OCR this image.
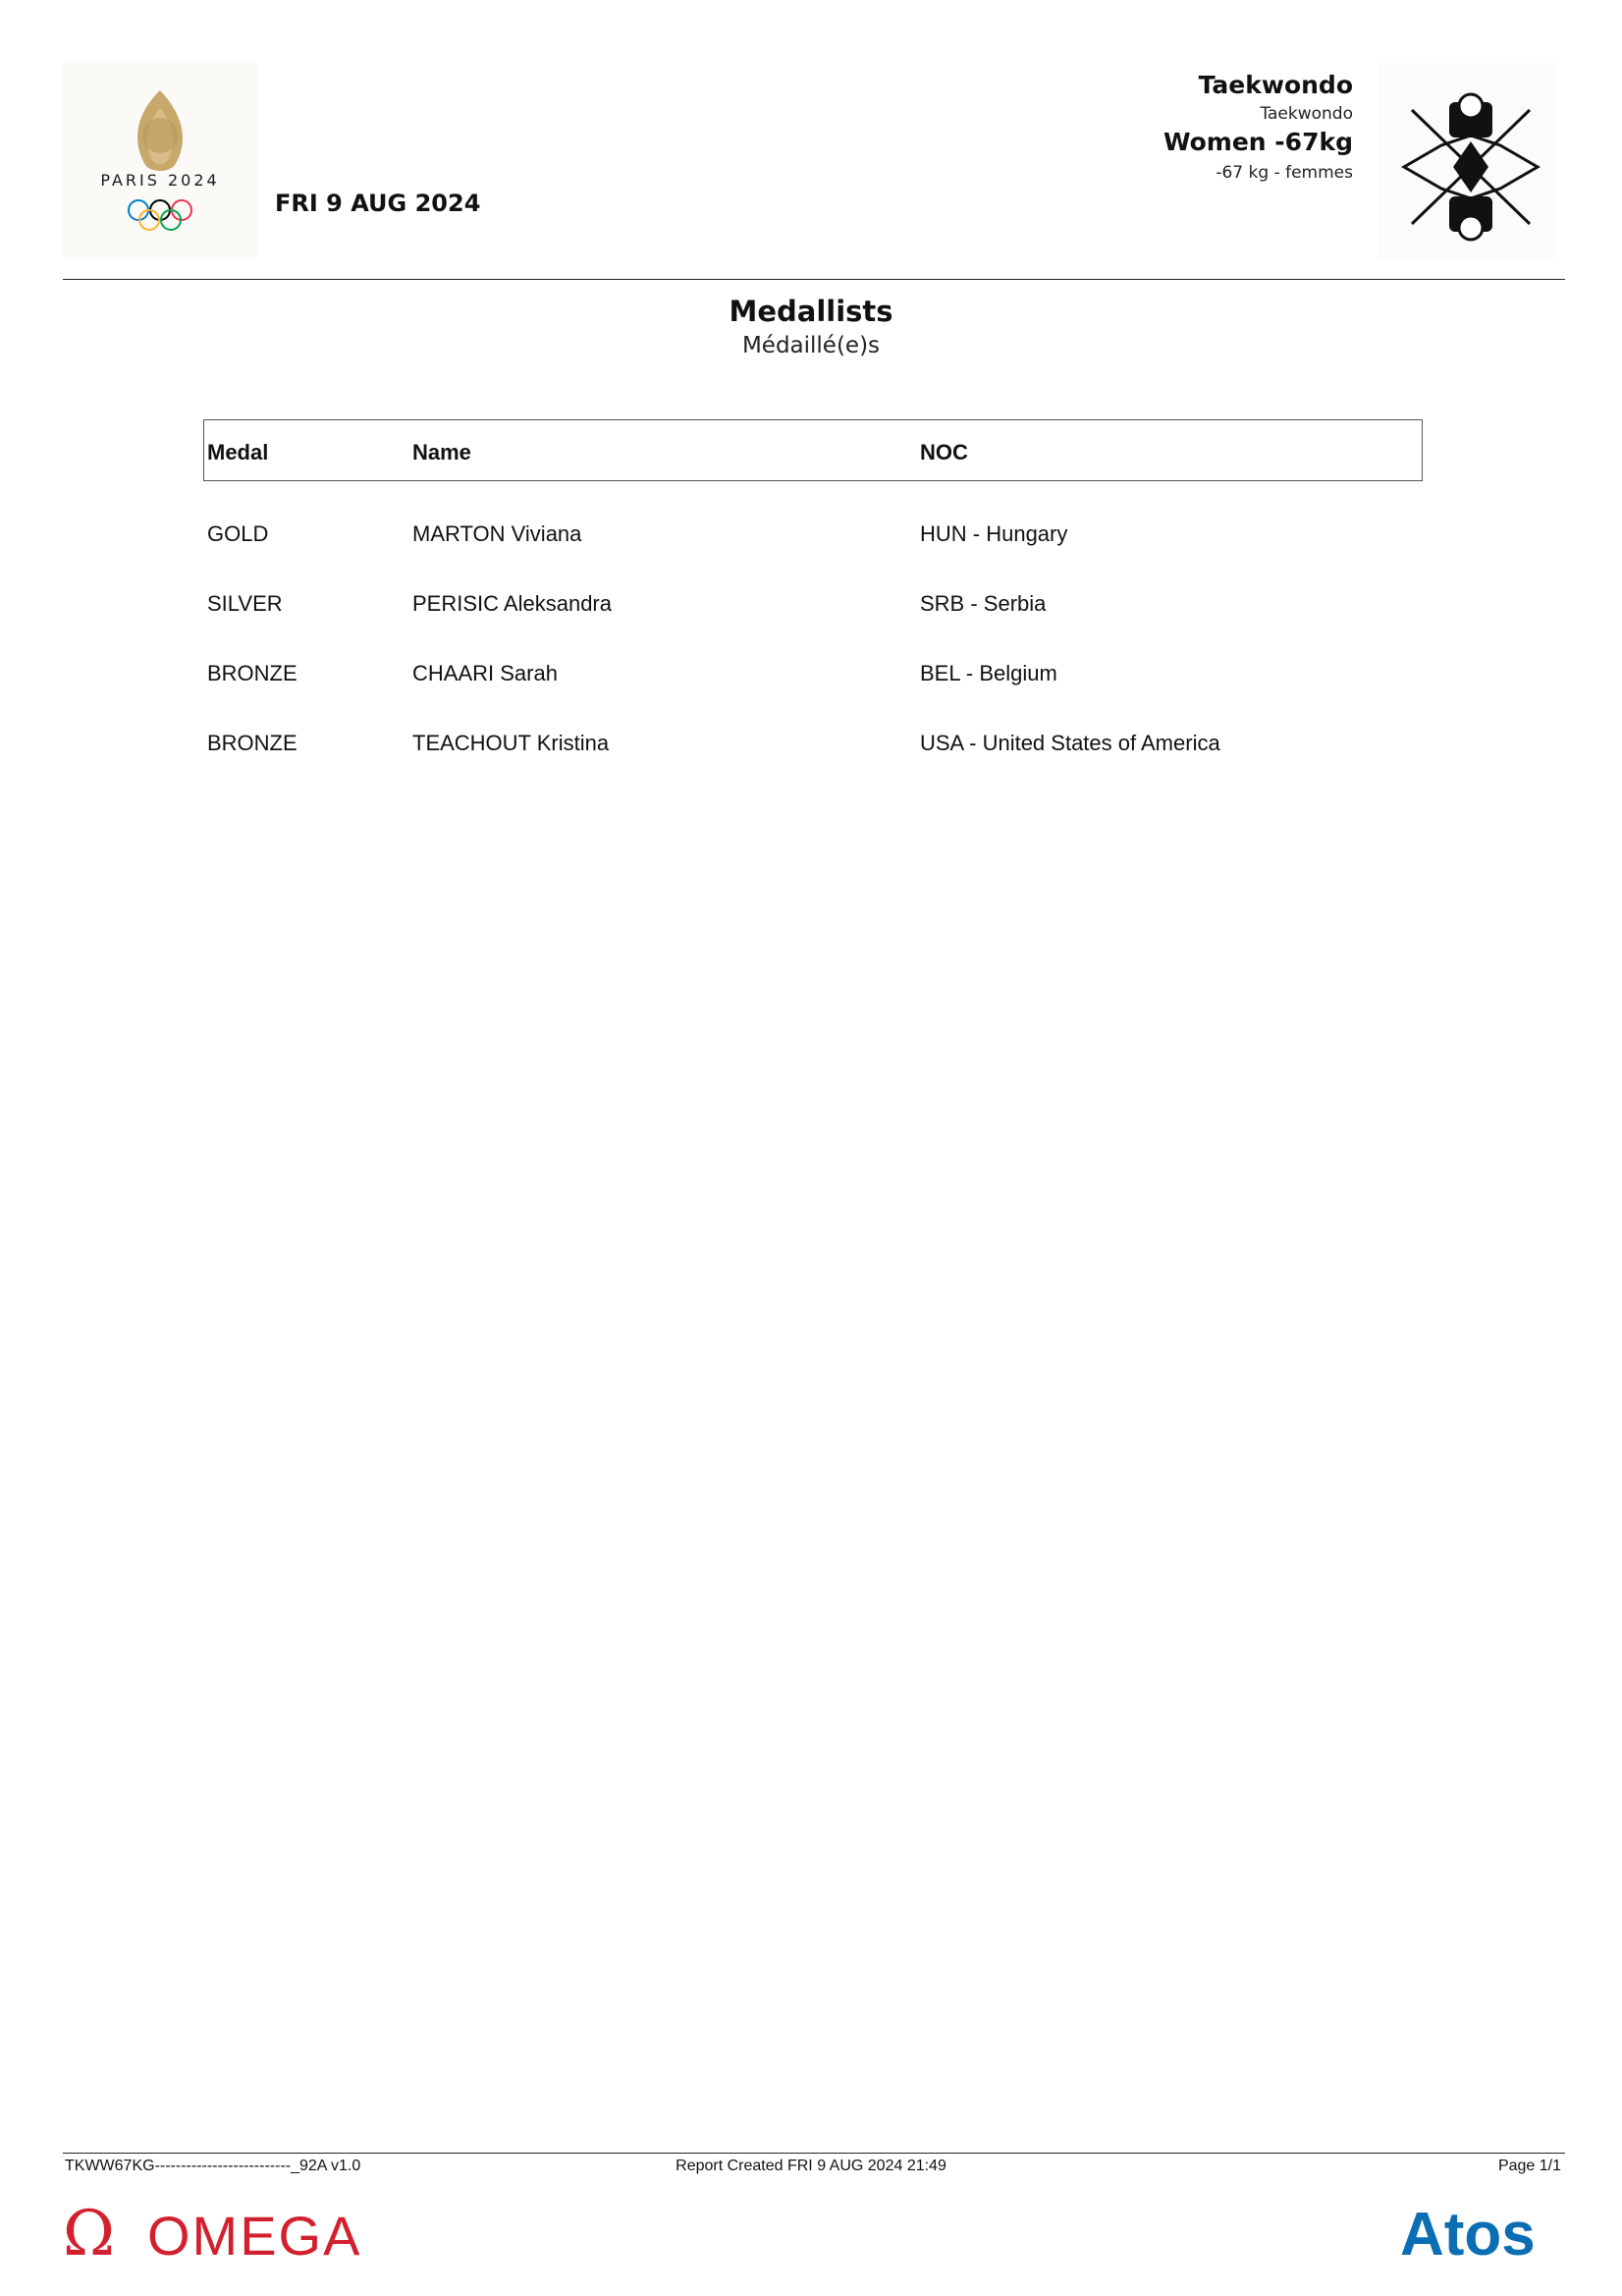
PARIS 2024
FRI 9 AUG 2024
Taekwondo
Taekwondo
Women -67kg
-67 kg - femmes
Medallists
Médaillé(e)s
Medal	Name	NOC
GOLD	MARTON Viviana	HUN - Hungary
SILVER	PERISIC Aleksandra	SRB - Serbia
BRONZE	CHAARI Sarah	BEL - Belgium
BRONZE	TEACHOUT Kristina	USA - United States of America
TKWW67KG--------------------------_92A v1.0	Report Created FRI 9 AUG 2024 21:49	Page 1/1
Ω OMEGA	Atos
